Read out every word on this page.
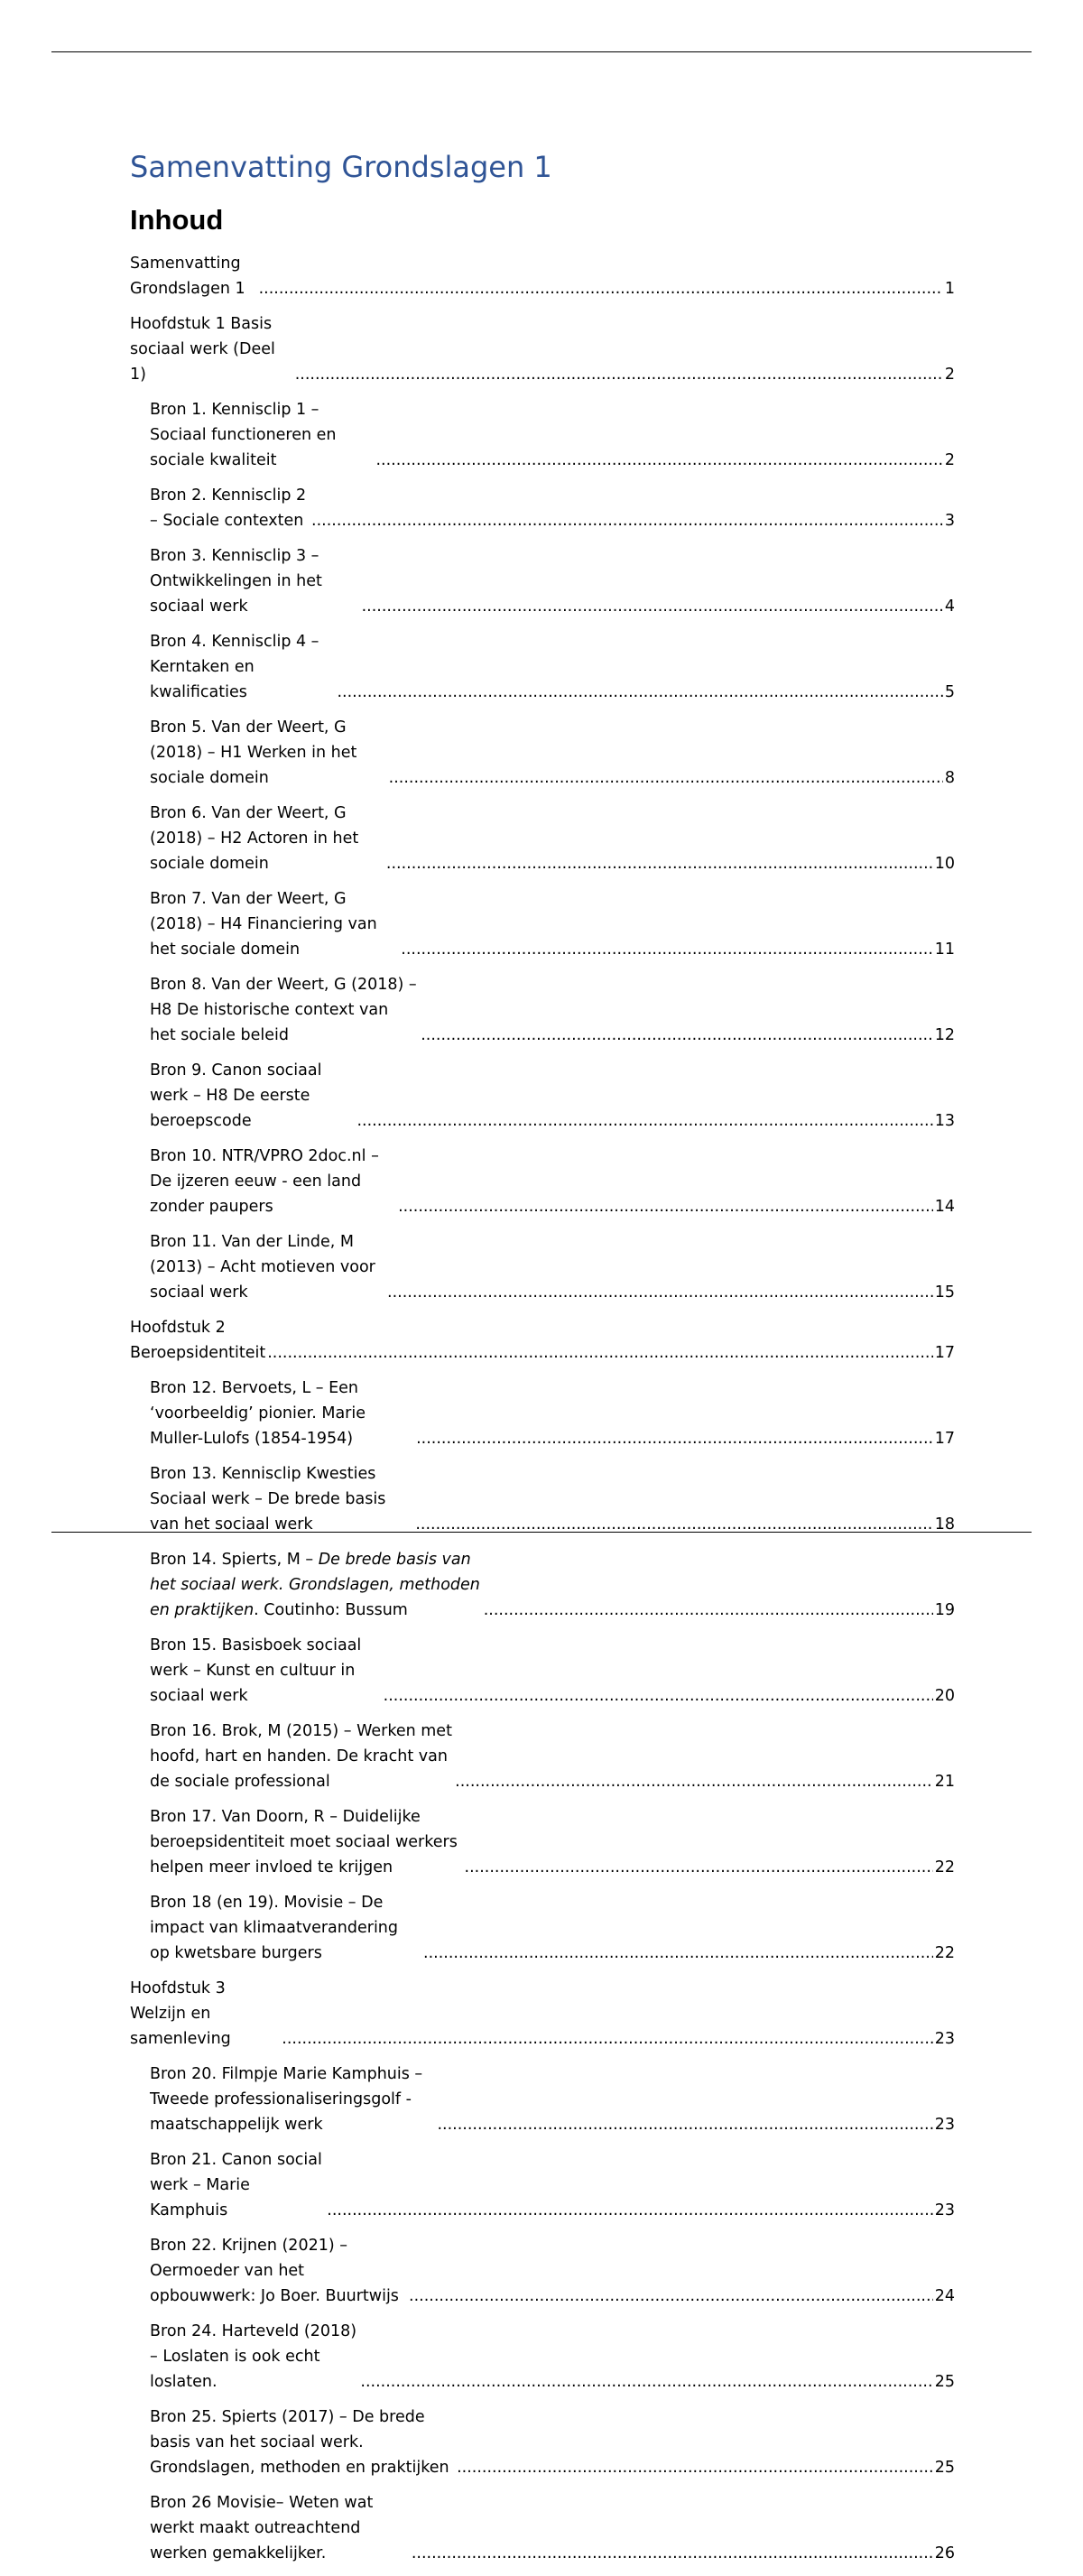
Samenvatting Grondslagen 1
Inhoud
Samenvatting Grondslagen 1 .....	1
Hoofdstuk 1 Basis sociaal werk (Deel 1) .....	2
Bron 1. Kennisclip 1 – Sociaal functioneren en sociale kwaliteit .....	2
Bron 2. Kennisclip 2 – Sociale contexten .....	3
Bron 3. Kennisclip 3 – Ontwikkelingen in het sociaal werk .....	4
Bron 4. Kennisclip 4 – Kerntaken en kwalificaties .....	5
Bron 5. Van der Weert, G (2018) – H1 Werken in het sociale domein .....	8
Bron 6. Van der Weert, G (2018) – H2 Actoren in het sociale domein .....	10
Bron 7. Van der Weert, G (2018) – H4 Financiering van het sociale domein .....	11
Bron 8. Van der Weert, G (2018) – H8 De historische context van het sociale beleid .....	12
Bron 9. Canon sociaal werk – H8 De eerste beroepscode .....	13
Bron 10. NTR/VPRO 2doc.nl – De ijzeren eeuw - een land zonder paupers .....	14
Bron 11. Van der Linde, M (2013) – Acht motieven voor sociaal werk .....	15
Hoofdstuk 2 Beroepsidentiteit .....	17
Bron 12. Bervoets, L – Een ‘voorbeeldig’ pionier. Marie Muller-Lulofs (1854-1954) .....	17
Bron 13. Kennisclip Kwesties Sociaal werk – De brede basis van het sociaal werk .....	18
Bron 14. Spierts, M – De brede basis van het sociaal werk. Grondslagen, methoden en praktijken. Coutinho: Bussum .....	19
Bron 15. Basisboek sociaal werk – Kunst en cultuur in sociaal werk .....	20
Bron 16. Brok, M (2015) – Werken met hoofd, hart en handen. De kracht van de sociale professional .....	21
Bron 17. Van Doorn, R – Duidelijke beroepsidentiteit moet sociaal werkers helpen meer invloed te krijgen .....	22
Bron 18 (en 19). Movisie – De impact van klimaatverandering op kwetsbare burgers .....	22
Hoofdstuk 3 Welzijn en samenleving .....	23
Bron 20. Filmpje Marie Kamphuis – Tweede professionaliseringsgolf - maatschappelijk werk .....	23
Bron 21. Canon social werk – Marie Kamphuis .....	23
Bron 22. Krijnen (2021) – Oermoeder van het opbouwwerk: Jo Boer. Buurtwijs .....	24
Bron 24. Harteveld (2018) – Loslaten is ook echt loslaten. .....	25
Bron 25. Spierts (2017) – De brede basis van het sociaal werk. Grondslagen, methoden en praktijken .....	25
Bron 26 Movisie– Weten wat werkt maakt outreachtend werken gemakkelijker. .....	26
